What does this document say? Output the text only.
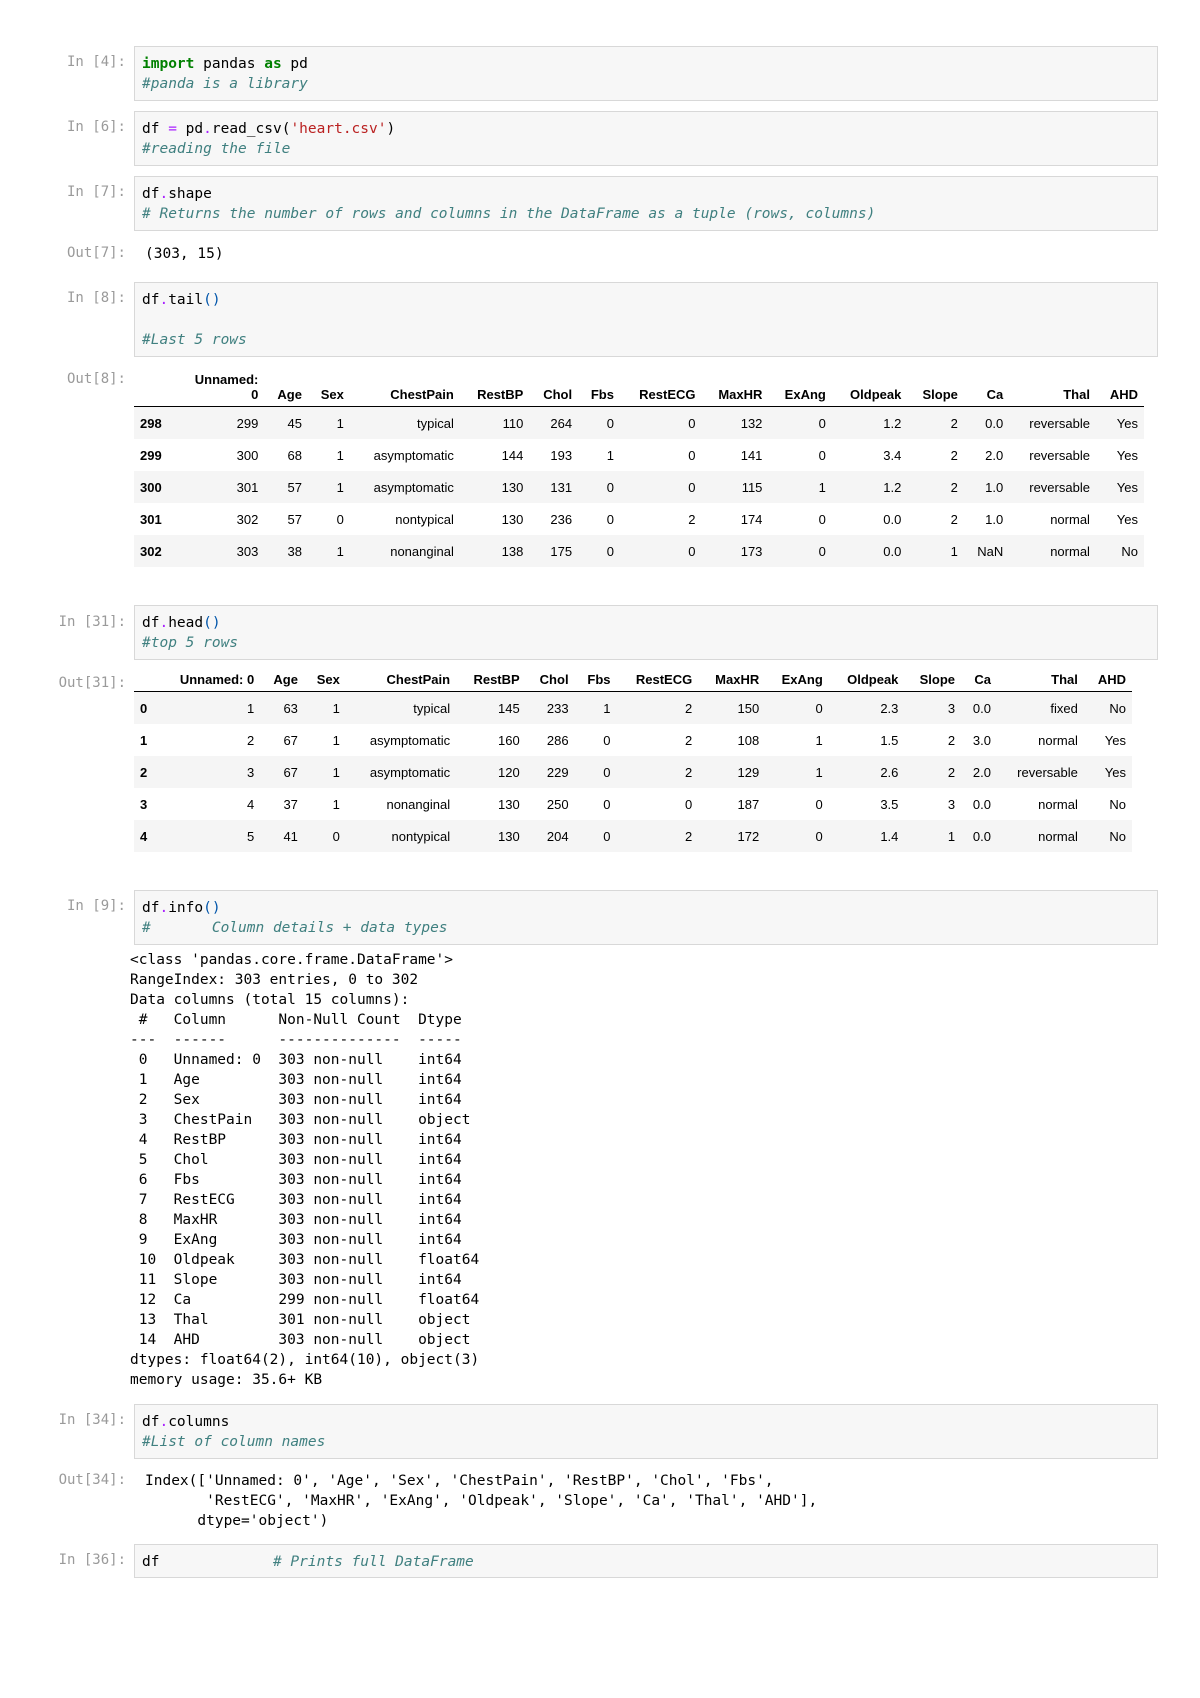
In [4]:	import pandas as pd
#panda is a library
In [6]:	df = pd.read_csv('heart.csv')
#reading the file
In [7]:	df.shape
# Returns the number of rows and columns in the DataFrame as a tuple (rows, columns)
Out[7]: (303, 15)
In [8]:	df.tail()

#Last 5 rows
Out[8]:
		Unnamed:
0	Age	Sex	ChestPain	RestBP	Chol	Fbs	RestECG	MaxHR	ExAng	Oldpeak	Slope	Ca	Thal	AHD
298	299	45	1	typical	110	264	0	0	132	0	1.2	2	0.0	reversable	Yes
299	300	68	1	asymptomatic	144	193	1	0	141	0	3.4	2	2.0	reversable	Yes
300	301	57	1	asymptomatic	130	131	0	0	115	1	1.2	2	1.0	reversable	Yes
301	302	57	0	nontypical	130	236	0	2	174	0	0.0	2	1.0	normal	Yes
302	303	38	1	nonanginal	138	175	0	0	173	0	0.0	1	NaN	normal	No
In [31]:	df.head()
#top 5 rows
Out[31]:
		Unnamed: 0	Age	Sex	ChestPain	RestBP	Chol	Fbs	RestECG	MaxHR	ExAng	Oldpeak	Slope	Ca	Thal	AHD
0	1	63	1	typical	145	233	1	2	150	0	2.3	3	0.0	fixed	No
1	2	67	1	asymptomatic	160	286	0	2	108	1	1.5	2	3.0	normal	Yes
2	3	67	1	asymptomatic	120	229	0	2	129	1	2.6	2	2.0	reversable	Yes
3	4	37	1	nonanginal	130	250	0	0	187	0	3.5	3	0.0	normal	No
4	5	41	0	nontypical	130	204	0	2	172	0	1.4	1	0.0	normal	No
In [9]:	df.info()
#       Column details + data types
<class 'pandas.core.frame.DataFrame'>
RangeIndex: 303 entries, 0 to 302
Data columns (total 15 columns):
#   Column      Non-Null Count  Dtype
---  ------      --------------  -----
0   Unnamed: 0  303 non-null    int64
1   Age         303 non-null    int64
2   Sex         303 non-null    int64
3   ChestPain   303 non-null    object
4   RestBP      303 non-null    int64
5   Chol        303 non-null    int64
6   Fbs         303 non-null    int64
7   RestECG     303 non-null    int64
8   MaxHR       303 non-null    int64
9   ExAng       303 non-null    int64
10  Oldpeak     303 non-null    float64
11  Slope       303 non-null    int64
12  Ca          299 non-null    float64
13  Thal        301 non-null    object
14  AHD         303 non-null    object
dtypes: float64(2), int64(10), object(3)
memory usage: 35.6+ KB
In [34]:	df.columns
#List of column names
Out[34]: Index(['Unnamed: 0', 'Age', 'Sex', 'ChestPain', 'RestBP', 'Chol', 'Fbs',
'RestECG', 'MaxHR', 'ExAng', 'Oldpeak', 'Slope', 'Ca', 'Thal', 'AHD'],
dtype='object')
In [36]:	df	# Prints full DataFrame
